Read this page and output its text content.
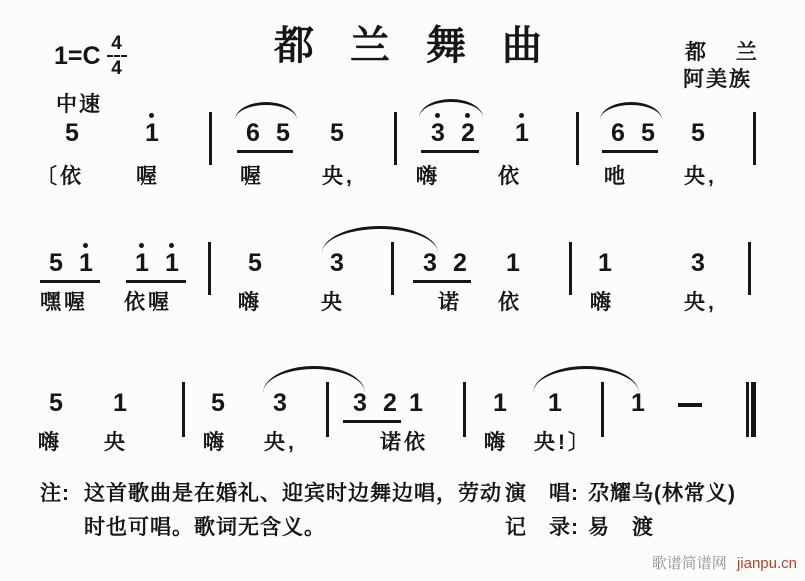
$1=C \frac{4}{4}$	都兰舞曲	都 兰
阿美族
中速
5	1	6 5 5	3 2 1	6 5 5
〔依 喔	喔	央,	嗨	依	吔	央,
5 1 1 1	5	3	3 2 1	1	3
嘿喔 依喔	嗨	央	诺 依	嗨	央,
5 1	5 3	3 2 1	1 1	1
嗨 央	嗨 央,	诺依	嗨 央!〕
注: 这首歌曲是在婚礼、迎宾时边舞边唱，劳动
时也可唱。歌词无含义。
演　唱: 尕耀乌(林常义)
记　录: 易　渡
歌谱简谱网 jianpu.cn
